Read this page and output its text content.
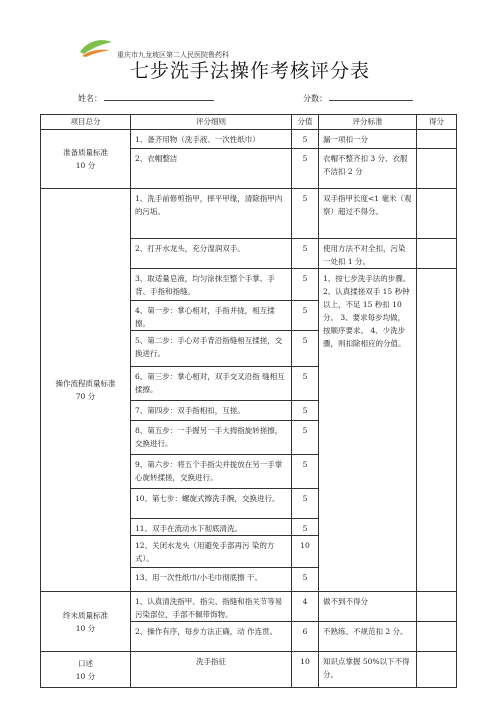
重庆市九龙坡区第二人民医院鲁药科
七步洗手法操作考核评分表
姓名：	分数：
项目总分	评分细则	分值	评分标准	得分

准备质量标准
10 分	1、备齐用物（洗手液、一次性纸巾）	5	漏一项扣一分	
	2、衣帽整洁	5	衣帽不整齐扣 3 分、衣服不洁扣 2 分	

操作流程质量标准
70 分	1、洗手前修剪指甲，摔平甲缘，清除指甲内的污垢。	5	双手指甲长度<1 毫米（观察）超过不得分。	
	2、打开水龙头，充分湿润双手。	5	使用方法不对全扣，污染一处扣 1 分。	
	3、取适量皂液，均匀涂抹至整个手掌、手背、手指和指缝。	5	1、按七步洗手法的步骤。 2、认真揉搓双手 15 秒钟以上，不足 15 秒扣 10 分。 3、要求每步均做，按顺序要求。 4、少洗步骤，则扣除相应的分值。	
	4、第一步：掌心相对，手指并拢，相互揉擦。	5		
	5、第二步：手心对手背沿指缝相互揉搓，交换进行。	5		
	6、第三步：掌心相对，双手交叉沿指 缝相互揉擦。	5		
	7、第四步：双手指相扣，互搓。	5		
	8、第五步：一手握另一手大拇指旋转搓擦，交换进行。	5		
	9、第六步：将五个手指尖并拢放在另一手掌心旋转揉搓，交换进行。	5		
	10、第七步：螺旋式擦洗手腕，交换进行。	5		
	11、双手在流动水下彻底清洗。	5		
	12、关闭水龙头（用避免手部再污 染的方式）。	10		
	13、用一次性纸巾/小毛巾彻底擦 干。	5		

终末质量标准
10 分	1、认真清洗指甲、指尖、指缝和指关节等易污染部位，手部不佩带饰物。	4	做不到不得分	
	2、操作有序，每步方法正确，动 作连贯。	6	不熟练、不规范扣 2 分。	

口述
10 分	洗手指征	10	知识点掌握 50%以下不得分。	
